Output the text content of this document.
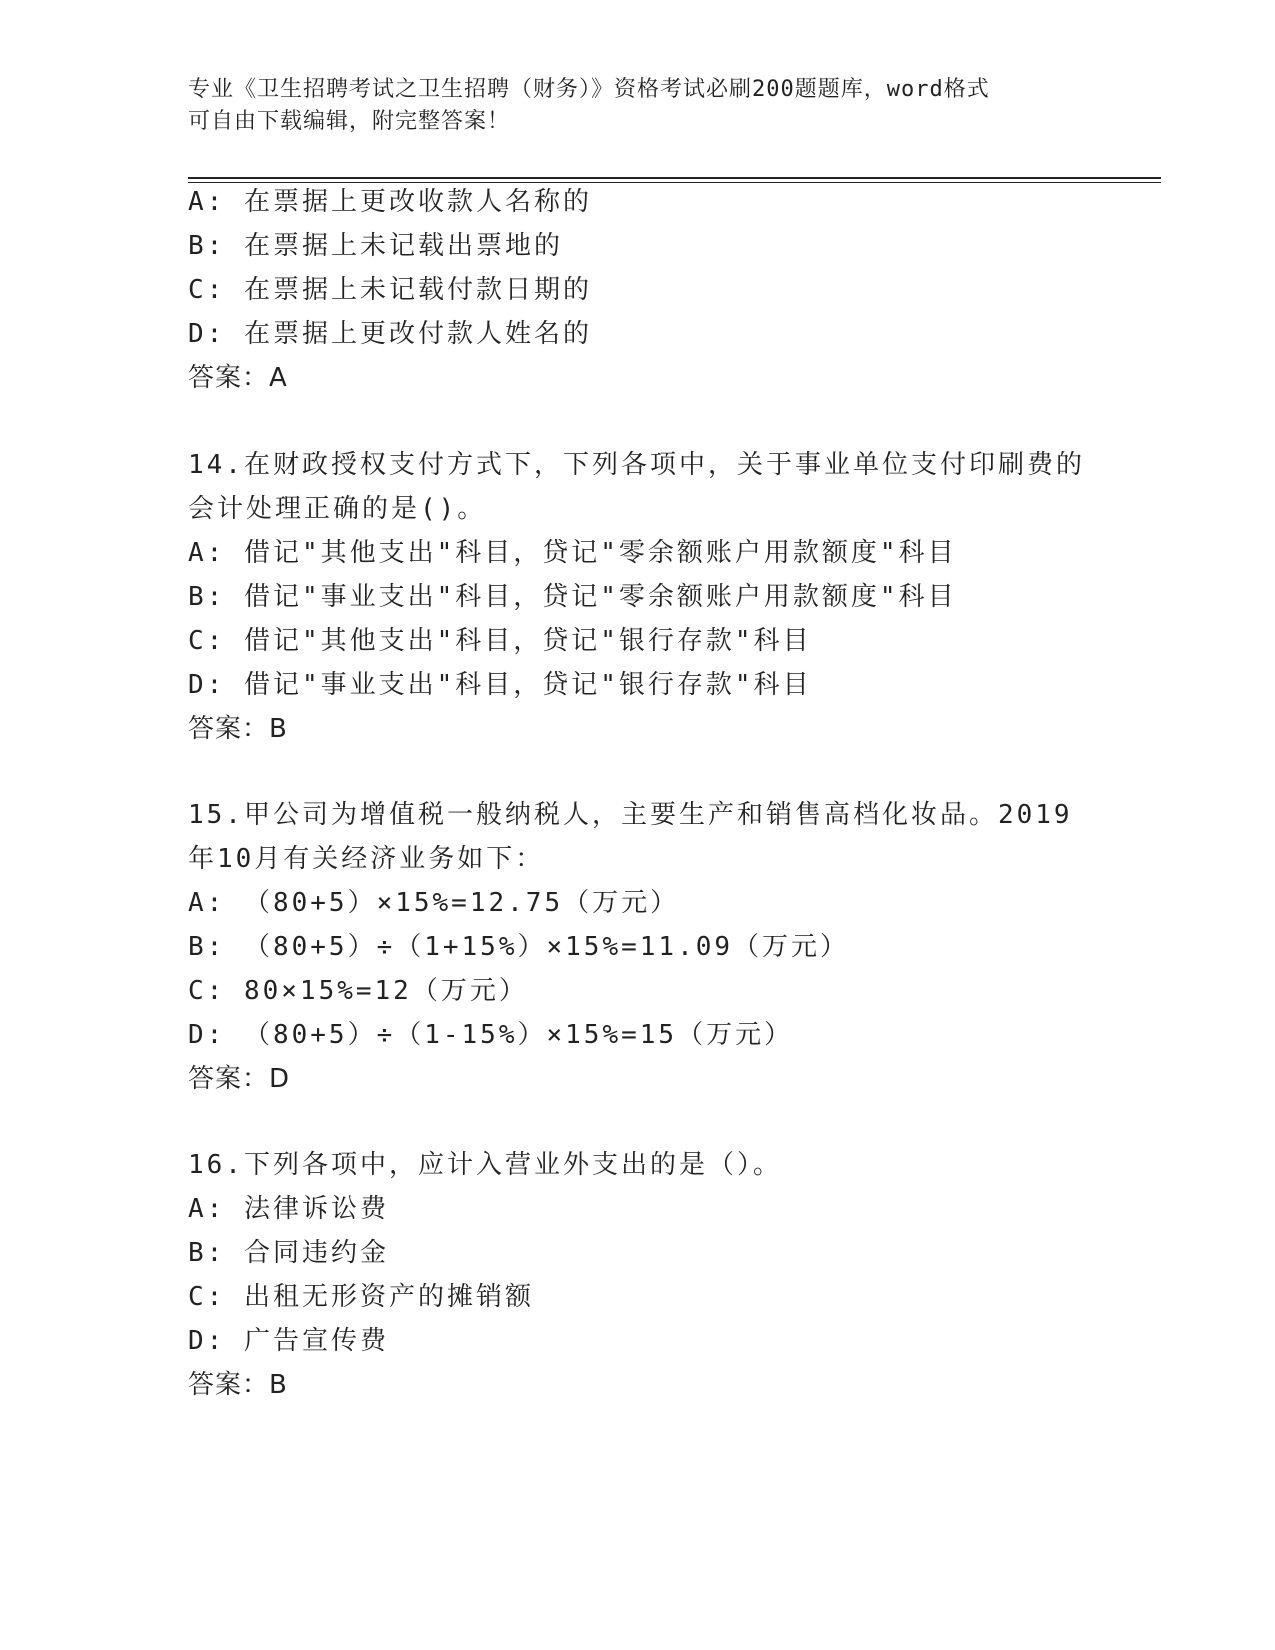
专业《卫生招聘考试之卫生招聘（财务）》资格考试必刷200题题库，word格式
可自由下载编辑，附完整答案！
A: 在票据上更改收款人名称的
B: 在票据上未记载出票地的
C: 在票据上未记载付款日期的
D: 在票据上更改付款人姓名的
答案：A
14.在财政授权支付方式下，下列各项中，关于事业单位支付印刷费的
会计处理正确的是()。
A: 借记"其他支出"科目，贷记"零余额账户用款额度"科目
B: 借记"事业支出"科目，贷记"零余额账户用款额度"科目
C: 借记"其他支出"科目，贷记"银行存款"科目
D: 借记"事业支出"科目，贷记"银行存款"科目
答案：B
15.甲公司为增值税一般纳税人，主要生产和销售高档化妆品。2019
年10月有关经济业务如下：
A: （80+5）×15%=12.75（万元）
B: （80+5）÷（1+15%）×15%=11.09（万元）
C: 80×15%=12（万元）
D: （80+5）÷（1-15%）×15%=15（万元）
答案：D
16.下列各项中，应计入营业外支出的是（）。
A: 法律诉讼费
B: 合同违约金
C: 出租无形资产的摊销额
D: 广告宣传费
答案：B
